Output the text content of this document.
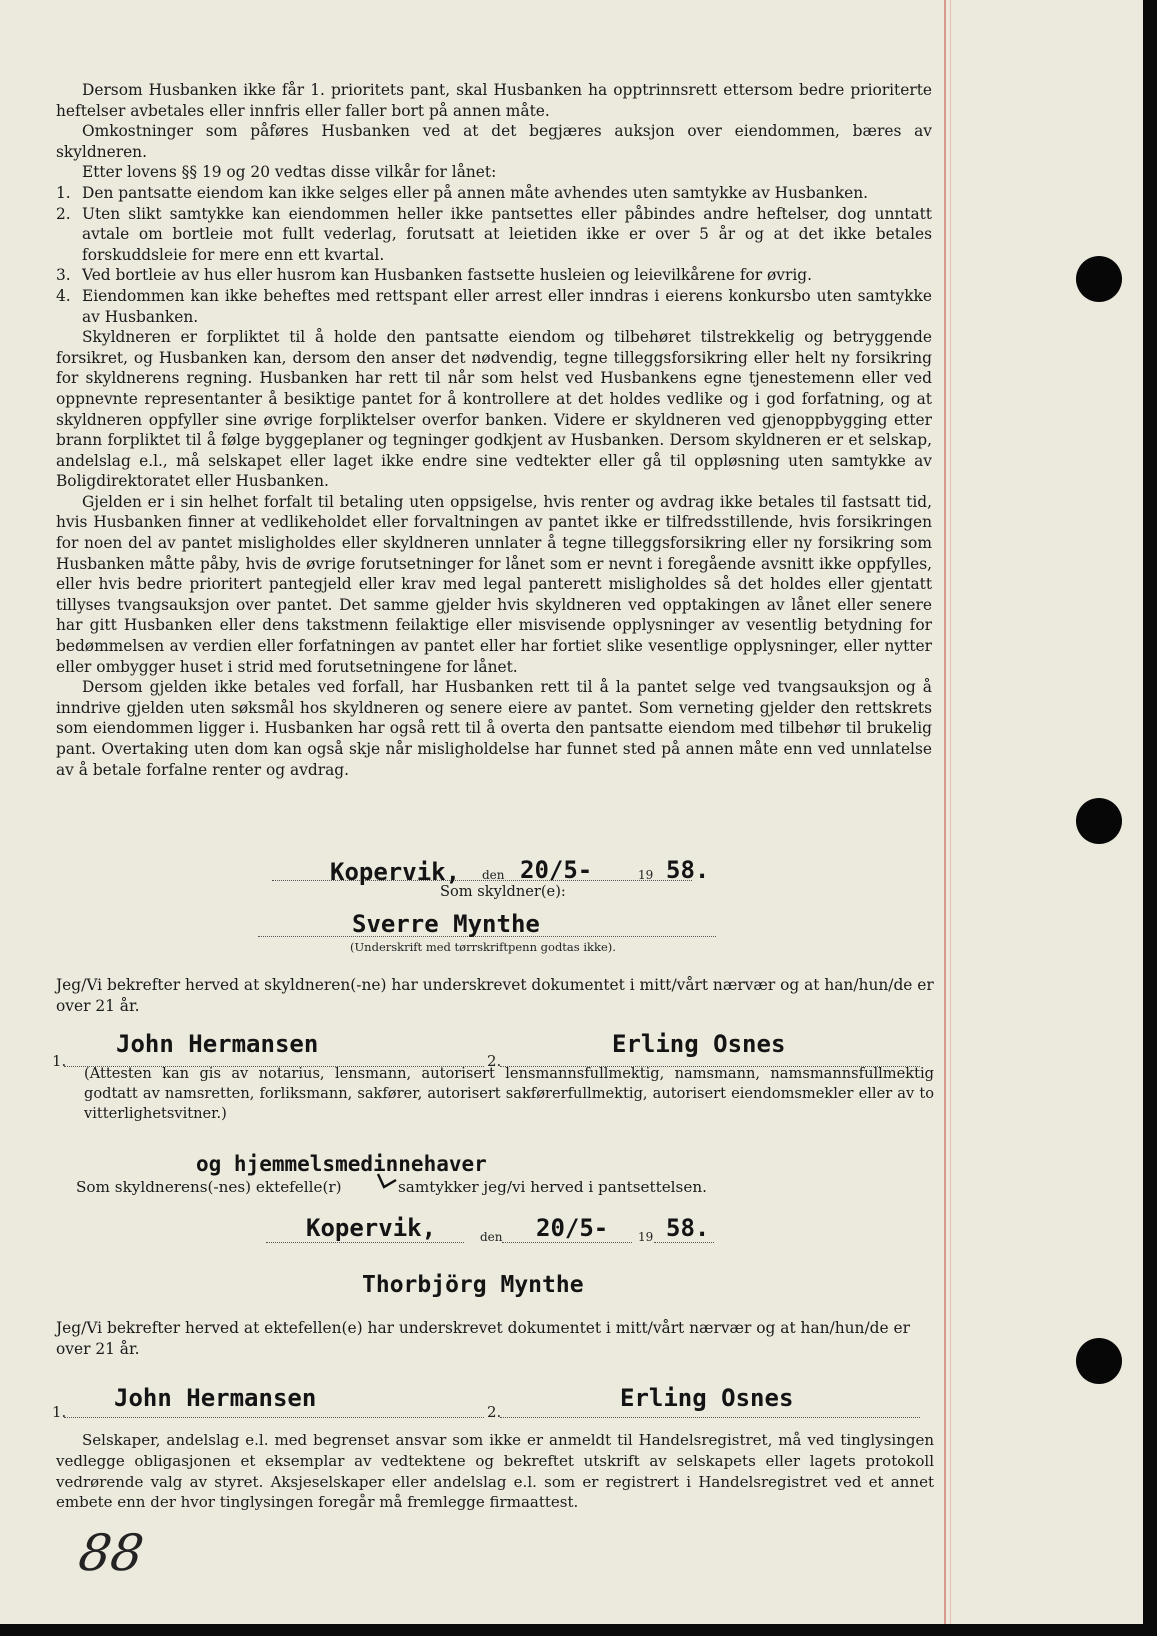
Dersom Husbanken ikke får 1. prioritets pant, skal Husbanken ha opptrinnsrett ettersom bedre prioriterte heftelser avbetales eller innfris eller faller bort på annen måte.

Omkostninger som påføres Husbanken ved at det begjæres auksjon over eiendommen, bæres av skyldneren.

Etter lovens §§ 19 og 20 vedtas disse vilkår for lånet:

1. Den pantsatte eiendom kan ikke selges eller på annen måte avhendes uten samtykke av Husbanken.
2. Uten slikt samtykke kan eiendommen heller ikke pantsettes eller påbindes andre heftelser, dog unntatt avtale om bortleie mot fullt vederlag, forutsatt at leietiden ikke er over 5 år og at det ikke betales forskuddsleie for mere enn ett kvartal.
3. Ved bortleie av hus eller husrom kan Husbanken fastsette husleien og leievilkårene for øvrig.
4. Eiendommen kan ikke beheftes med rettspant eller arrest eller inndras i eierens konkursbo uten samtykke av Husbanken.

Skyldneren er forpliktet til å holde den pantsatte eiendom og tilbehøret tilstrekkelig og betryggende forsikret, og Husbanken kan, dersom den anser det nødvendig, tegne tilleggsforsikring eller helt ny forsikring for skyldnerens regning. Husbanken har rett til når som helst ved Husbankens egne tjenestemenn eller ved oppnevnte representanter å besiktige pantet for å kontrollere at det holdes vedlike og i god forfatning, og at skyldneren oppfyller sine øvrige forpliktelser overfor banken. Videre er skyldneren ved gjenoppbygging etter brann forpliktet til å følge byggeplaner og tegninger godkjent av Husbanken. Dersom skyldneren er et selskap, andelslag e.l., må selskapet eller laget ikke endre sine vedtekter eller gå til oppløsning uten samtykke av Boligdirektoratet eller Husbanken.

Gjelden er i sin helhet forfalt til betaling uten oppsigelse, hvis renter og avdrag ikke betales til fastsatt tid, hvis Husbanken finner at vedlikeholdet eller forvaltningen av pantet ikke er tilfredsstillende, hvis forsikringen for noen del av pantet misligholdes eller skyldneren unnlater å tegne tilleggsforsikring eller ny forsikring som Husbanken måtte påby, hvis de øvrige forutsetninger for lånet som er nevnt i foregående avsnitt ikke oppfylles, eller hvis bedre prioritert pantegjeld eller krav med legal panterett misligholdes så det holdes eller gjentatt tillyses tvangsauksjon over pantet. Det samme gjelder hvis skyldneren ved opptakingen av lånet eller senere har gitt Husbanken eller dens takstmenn feilaktige eller misvisende opplysninger av vesentlig betydning for bedømmelsen av verdien eller forfatningen av pantet eller har fortiet slike vesentlige opplysninger, eller nytter eller ombygger huset i strid med forutsetningene for lånet.

Dersom gjelden ikke betales ved forfall, har Husbanken rett til å la pantet selge ved tvangsauksjon og å inndrive gjelden uten søksmål hos skyldneren og senere eiere av pantet. Som verneting gjelder den rettskrets som eiendommen ligger i. Husbanken har også rett til å overta den pantsatte eiendom med tilbehør til brukelig pant. Overtaking uten dom kan også skje når misligholdelse har funnet sted på annen måte enn ved unnlatelse av å betale forfalne renter og avdrag.

Kopervik, den 20/5-	19 58.
Som skyldner(e):
Sverre Mynthe
(Underskrift med tørrskriftpenn godtas ikke).
Jeg/Vi bekrefter herved at skyldneren(-ne) har underskrevet dokumentet i mitt/vårt nærvær og at han/hun/de er over 21 år.
1.
John Hermansen
2.
Erling Osnes
(Attesten kan gis av notarius, lensmann, autorisert lensmannsfullmektig, namsmann, namsmannsfullmektig godtatt av namsretten, forliksmann, sakfører, autorisert sakførerfullmektig, autorisert eiendomsmekler eller av to vitterlighetsvitner.)
og hjemmelsmedinnehaver
Som skyldnerens(-nes) ektefelle(r)	samtykker jeg/vi herved i pantsettelsen.
Kopervik,	den 20/5- 19 58.
Thorbjörg Mynthe
Jeg/Vi bekrefter herved at ektefellen(e) har underskrevet dokumentet i mitt/vårt nærvær og at han/hun/de er over 21 år.
1. John Hermansen	2.	Erling Osnes
Selskaper, andelslag e.l. med begrenset ansvar som ikke er anmeldt til Handelsregistret, må ved tinglysingen vedlegge obligasjonen et eksemplar av vedtektene og bekreftet utskrift av selskapets eller lagets protokoll vedrørende valg av styret. Aksjeselskaper eller andelslag e.l. som er registrert i Handelsregistret ved et annet embete enn der hvor tinglysingen foregår må fremlegge firmaattest.
88
